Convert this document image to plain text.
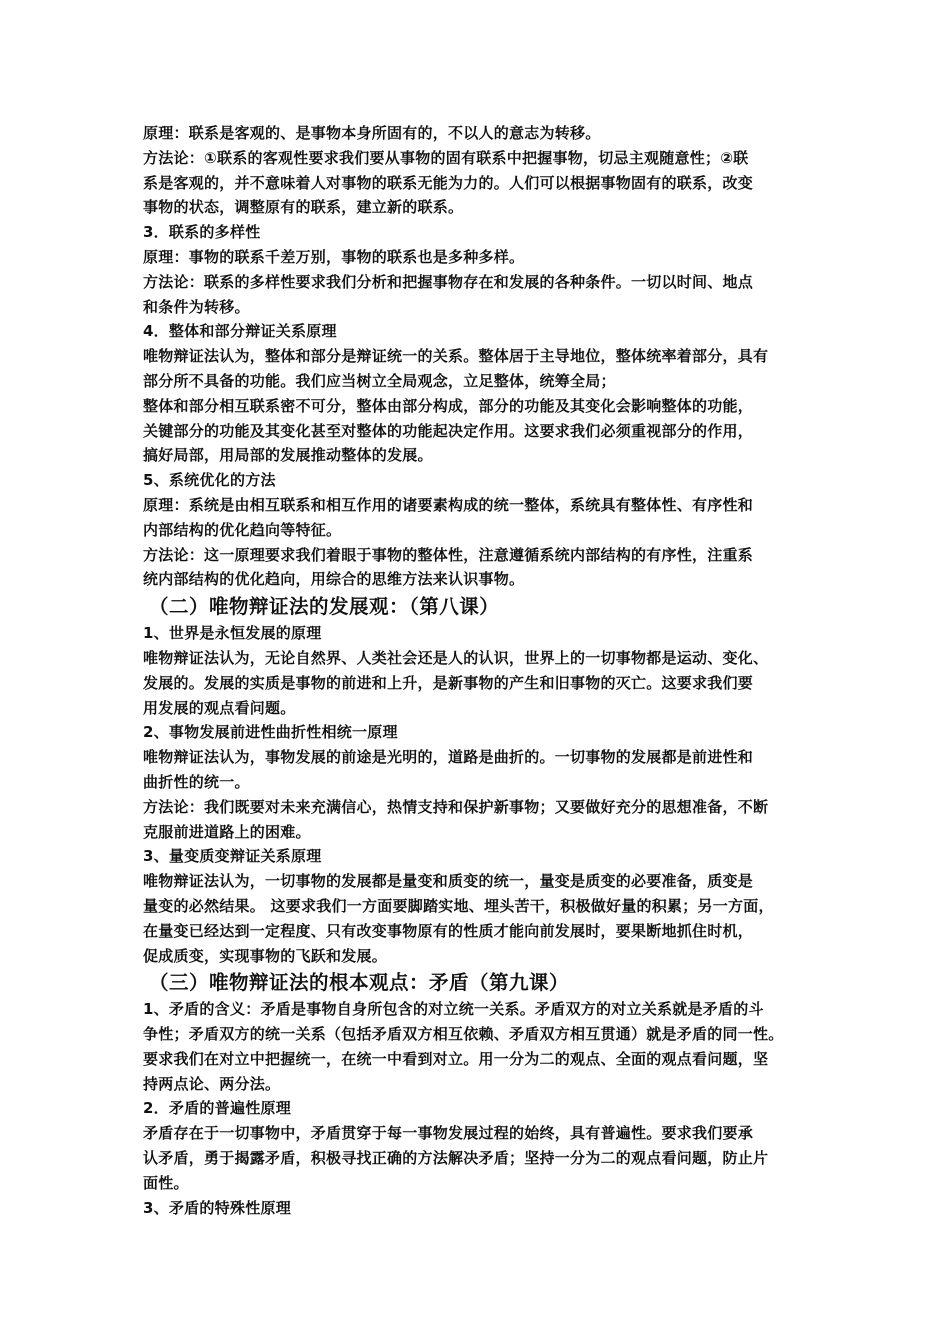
原理：联系是客观的、是事物本身所固有的，不以人的意志为转移。
方法论：①联系的客观性要求我们要从事物的固有联系中把握事物，切忌主观随意性；②联
系是客观的，并不意味着人对事物的联系无能为力的。人们可以根据事物固有的联系，改变
事物的状态，调整原有的联系，建立新的联系。
3．联系的多样性
原理：事物的联系千差万别，事物的联系也是多种多样。
方法论：联系的多样性要求我们分析和把握事物存在和发展的各种条件。一切以时间、地点
和条件为转移。
4．整体和部分辩证关系原理
唯物辩证法认为，整体和部分是辩证统一的关系。整体居于主导地位，整体统率着部分，具有
部分所不具备的功能。我们应当树立全局观念，立足整体，统筹全局；
整体和部分相互联系密不可分，整体由部分构成，部分的功能及其变化会影响整体的功能，
关键部分的功能及其变化甚至对整体的功能起决定作用。这要求我们必须重视部分的作用，
搞好局部，用局部的发展推动整体的发展。
5、系统优化的方法
原理：系统是由相互联系和相互作用的诸要素构成的统一整体，系统具有整体性、有序性和
内部结构的优化趋向等特征。
方法论：这一原理要求我们着眼于事物的整体性，注意遵循系统内部结构的有序性，注重系
统内部结构的优化趋向，用综合的思维方法来认识事物。
（二）唯物辩证法的发展观：（第八课）
1、世界是永恒发展的原理
唯物辩证法认为，无论自然界、人类社会还是人的认识，世界上的一切事物都是运动、变化、
发展的。发展的实质是事物的前进和上升，是新事物的产生和旧事物的灭亡。这要求我们要
用发展的观点看问题。
2、事物发展前进性曲折性相统一原理
唯物辩证法认为，事物发展的前途是光明的，道路是曲折的。一切事物的发展都是前进性和
曲折性的统一。
方法论：我们既要对未来充满信心，热情支持和保护新事物；又要做好充分的思想准备，不断
克服前进道路上的困难。
3、量变质变辩证关系原理
唯物辩证法认为，一切事物的发展都是量变和质变的统一，量变是质变的必要准备，质变是
量变的必然结果。 这要求我们一方面要脚踏实地、埋头苦干，积极做好量的积累；另一方面，
在量变已经达到一定程度、只有改变事物原有的性质才能向前发展时，要果断地抓住时机，
促成质变，实现事物的飞跃和发展。
（三）唯物辩证法的根本观点：矛盾（第九课）
1、矛盾的含义：矛盾是事物自身所包含的对立统一关系。矛盾双方的对立关系就是矛盾的斗
争性；矛盾双方的统一关系（包括矛盾双方相互依赖、矛盾双方相互贯通）就是矛盾的同一性。
要求我们在对立中把握统一，在统一中看到对立。用一分为二的观点、全面的观点看问题，坚
持两点论、两分法。
2．矛盾的普遍性原理
矛盾存在于一切事物中，矛盾贯穿于每一事物发展过程的始终，具有普遍性。要求我们要承
认矛盾，勇于揭露矛盾，积极寻找正确的方法解决矛盾；坚持一分为二的观点看问题，防止片
面性。
3、矛盾的特殊性原理
